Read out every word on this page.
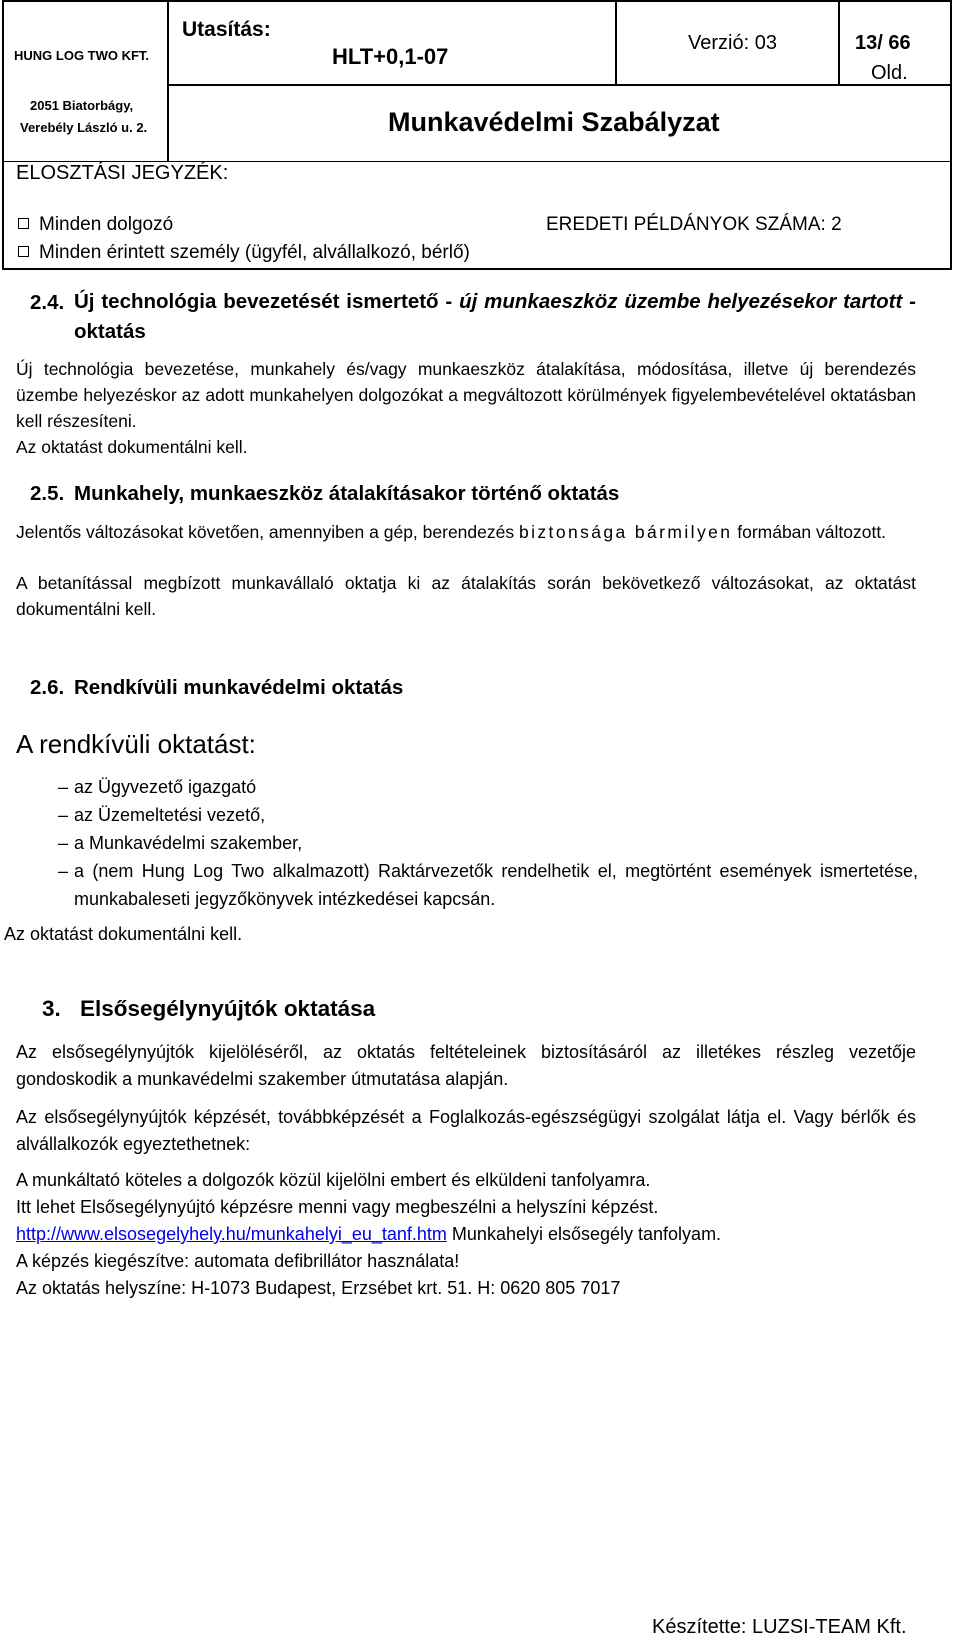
HUNG LOG TWO KFT.
2051 Biatorbágy,
Verebély László u. 2.
Utasítás:
HLT+0,1-07
Verzió: 03
Old.
13/ 66
Munkavédelmi Szabályzat
ELOSZTÁSI JEGYZÉK:
Minden dolgozó
Minden érintett személy (ügyfél, alvállalkozó, bérlő)
EREDETI PÉLDÁNYOK SZÁMA: 2
2.4. Új technológia bevezetését ismertető - új munkaeszköz üzembe helyezésekor tartott - oktatás
Új technológia bevezetése, munkahely és/vagy munkaeszköz átalakítása, módosítása, illetve új berendezés üzembe helyezéskor az adott munkahelyen dolgozókat a megváltozott körülmények figyelembevételével oktatásban kell részesíteni.
Az oktatást dokumentálni kell.
2.5. Munkahely, munkaeszköz átalakításakor történő oktatás
Jelentős változásokat követően, amennyiben a gép, berendezés biztonsága bármilyen formában változott.
A betanítással megbízott munkavállaló oktatja ki az átalakítás során bekövetkező változásokat, az oktatást dokumentálni kell.
2.6. Rendkívüli munkavédelmi oktatás
A rendkívüli oktatást:
– az Ügyvezető igazgató
– az Üzemeltetési vezető,
– a Munkavédelmi szakember,
– a (nem Hung Log Two alkalmazott) Raktárvezetők rendelhetik el, megtörtént események ismertetése, munkabaleseti jegyzőkönyvek intézkedései kapcsán.
Az oktatást dokumentálni kell.
3. Elsősegélynyújtók oktatása
Az elsősegélynyújtók kijelöléséről, az oktatás feltételeinek biztosításáról az illetékes részleg vezetője gondoskodik a munkavédelmi szakember útmutatása alapján.
Az elsősegélynyújtók képzését, továbbképzését a Foglalkozás-egészségügyi szolgálat látja el. Vagy bérlők és alvállalkozók egyeztethetnek:
A munkáltató köteles a dolgozók közül kijelölni embert és elküldeni tanfolyamra.
Itt lehet Elsősegélynyújtó képzésre menni vagy megbeszélni a helyszíni képzést.
http://www.elsosegelyhely.hu/munkahelyi_eu_tanf.htm Munkahelyi elsősegély tanfolyam.
A képzés kiegészítve: automata defibrillátor használata!
Az oktatás helyszíne: H-1073 Budapest, Erzsébet krt. 51. H: 0620 805 7017
Készítette: LUZSI-TEAM Kft.
